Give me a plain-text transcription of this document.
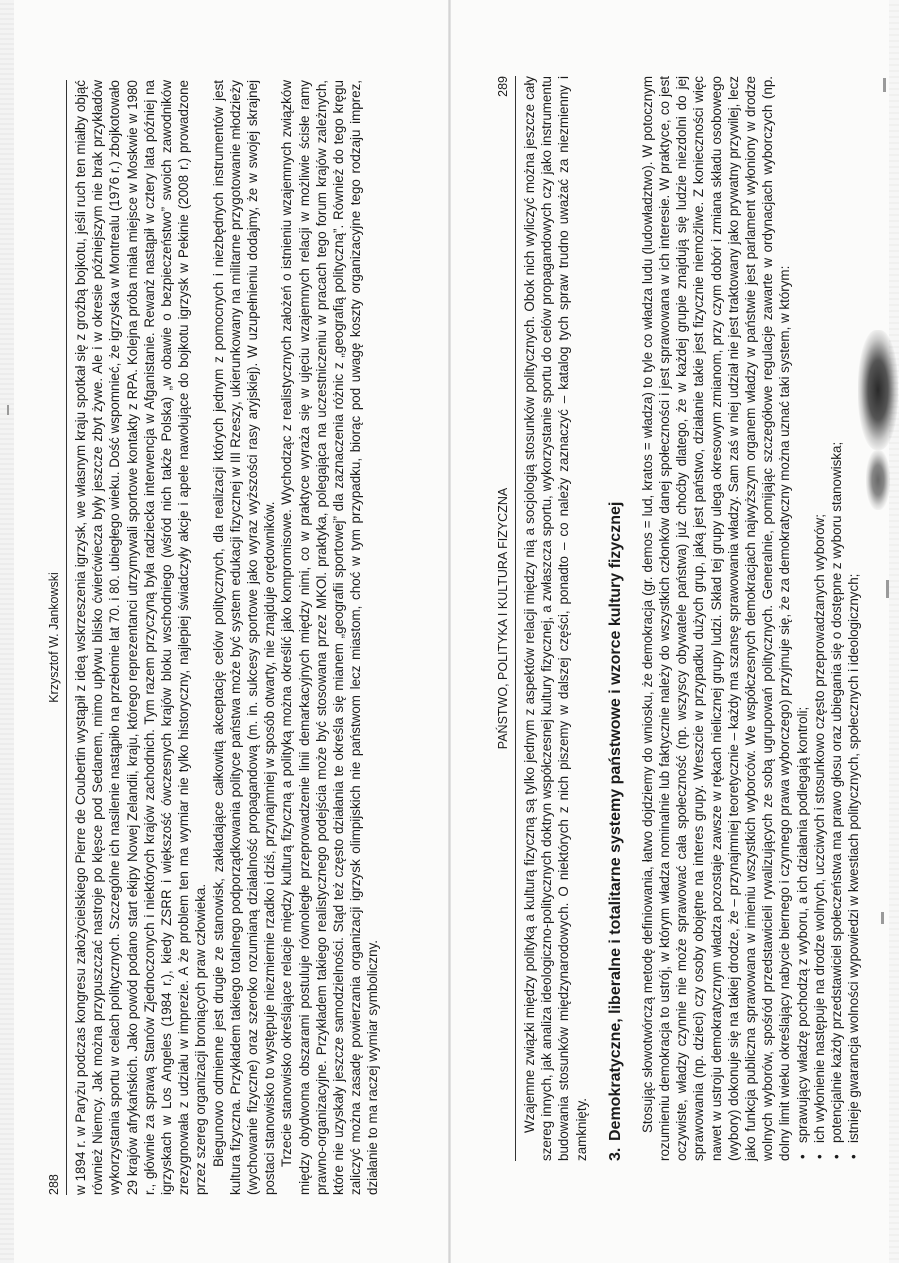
288
Krzysztof W. Jankowski w 1894 r. w Paryżu podczas kongresu założycielskiego Pierre de Coubertin wystąpił z ideą wskrzeszenia igrzysk, we własnym kraju spotkał się z groźbą bojkotu, jeśli ruch ten miałby objąć również Niemcy. Jak można przypuszczać nastroje po klęsce pod Sedanem, mimo upływu blisko ćwierćwiecza były jeszcze zbyt żywe. Ale i w okresie późniejszym nie brak przykładów wykorzystania sportu w celach politycznych. Szczególne ich nasilenie nastąpiło na przełomie lat 70. i 80. ubiegłego wieku. Dość wspomnieć, że igrzyska w Montrealu (1976 r.) zbojkotowało 29 krajów afrykańskich. Jako powód podano start ekipy Nowej Zelandii, kraju, którego reprezentanci utrzymywali sportowe kontakty z RPA. Kolejna próba miała miejsce w Moskwie w 1980 r., głównie za sprawą Stanów Zjednoczonych i niektórych krajów zachodnich. Tym razem przyczyną była radziecka interwencja w Afganistanie. Rewanż nastąpił w cztery lata później na igrzyskach w Los Angeles (1984 r.), kiedy ZSRR i większość ówczesnych krajów bloku wschodniego (wśród nich także Polska) „w obawie o bezpieczeństwo” swoich zawodników zrezygnowała z udziału w imprezie. A że problem ten ma wymiar nie tylko historyczny, najlepiej świadczyły akcje i apele nawołujące do bojkotu igrzysk w Pekinie (2008 r.) prowadzone przez szereg organizacji broniących praw człowieka. Biegunowo odmienne jest drugie ze stanowisk, zakładające całkowitą akceptację celów politycznych, dla realizacji których jednym z pomocnych i niezbędnych instrumentów jest kultura fizyczna. Przykładem takiego totalnego podporządkowania polityce państwa może być system edukacji fizycznej w III Rzeszy, ukierunkowany na militarne przygotowanie młodzieży (wychowanie fizyczne) oraz szeroko rozumianą działalność propagandową (m. in. sukcesy sportowe jako wyraz wyższości rasy aryjskiej). W uzupełnieniu dodajmy, że w swojej skrajnej postaci stanowisko to występuje niezmiernie rzadko i dziś, przynajmniej w sposób otwarty, nie znajduje orędowników. Trzecie stanowisko określające relacje między kulturą fizyczną a polityką można określić jako kompromisowe. Wychodząc z realistycznych założeń o istnieniu wzajemnych związków między obydwoma obszarami postuluje równoległe przeprowadzenie linii demarkacyjnych między nimi, co w praktyce wyraża się w ujęciu wzajemnych relacji w możliwie ścisłe ramy prawno-organizacyjne. Przykładem takiego realistycznego podejścia może być stosowana przez MKOl. praktyka, polegająca na uczestniczeniu w pracach tego forum krajów zależnych, które nie uzyskały jeszcze samodzielności. Stąd też często działania te określa się mianem „geografii sportowej” dla zaznaczenia różnic z „geografią polityczną”. Również do tego kręgu zaliczyć można zasadę powierzania organizacji igrzysk olimpijskich nie państwom lecz miastom, choć w tym przypadku, biorąc pod uwagę koszty organizacyjne tego rodzaju imprez, działanie to ma raczej wymiar symboliczny.

PAŃSTWO, POLITYKA I KULTURA FIZYCZNA
289 Wzajemne związki między polityką a kulturą fizyczną są tylko jednym z aspektów relacji między nią a socjologią stosunków politycznych. Obok nich wyliczyć można jeszcze cały szereg innych, jak analiza ideologiczno-politycznych doktryn współczesnej kultury fizycznej, a zwłaszcza sportu, wykorzystanie sportu do celów propagandowych czy jako instrumentu budowania stosunków międzynarodowych. O niektórych z nich piszemy w dalszej części, ponadto – co należy zaznaczyć – katalog tych spraw trudno uważać za niezmienny i zamknięty. 3.Demokratyczne, liberalne i totalitarne systemy państwowe i wzorce kultury fizycznej Stosując słowotwórczą metodę definiowania, łatwo dojdziemy do wniosku, że demokracja (gr. demos = lud, kratos = władza) to tyle co władza ludu (ludowładztwo). W potocznym rozumieniu demokracja to ustrój, w którym władza nominalnie lub faktycznie należy do wszystkich członków danej społeczności i jest sprawowana w ich interesie. W praktyce, co jest oczywiste, władzy czynnie nie może sprawować cała społeczność (np. wszyscy obywatele państwa) już choćby dlatego, że w każdej grupie znajdują się ludzie niezdolni do jej sprawowania (np. dzieci) czy osoby obojętne na interes grupy. Wreszcie w przypadku dużych grup, jaką jest państwo, działanie takie jest fizycznie niemożliwe. Z konieczności więc nawet w ustroju demokratycznym władza pozostaje zawsze w rękach nielicznej grupy ludzi. Skład tej grupy ulega okresowym zmianom, przy czym dobór i zmiana składu osobowego (wybory) dokonuje się na takiej drodze, że – przynajmniej teoretycznie – każdy ma szansę sprawowania władzy. Sam zaś w niej udział nie jest traktowany jako prywatny przywilej, lecz jako funkcja publiczna sprawowana w imieniu wszystkich wyborców. We współczesnych demokracjach najwyższym organem władzy w państwie jest parlament wyłoniony w drodze wolnych wyborów, spośród przedstawicieli rywalizujących ze sobą ugrupowań politycznych. Generalnie, pomijając szczegółowe regulacje zawarte w ordynacjach wyborczych (np. dolny limit wieku określający nabycie biernego i czynnego prawa wyborczego) przyjmuje się, że za demokratyczny można uznać taki system, w którym: •
sprawujący władzę pochodzą z wyboru, a ich działania podlegają kontroli;
•
ich wyłonienie następuje na drodze wolnych, uczciwych i stosunkowo często przeprowadzanych wyborów;
•
potencjalnie każdy przedstawiciel społeczeństwa ma prawo głosu oraz ubiegania się o dostępne z wyboru stanowiska;
•
istnieje gwarancja wolności wypowiedzi w kwestiach politycznych, społecznych i ideologicznych;
